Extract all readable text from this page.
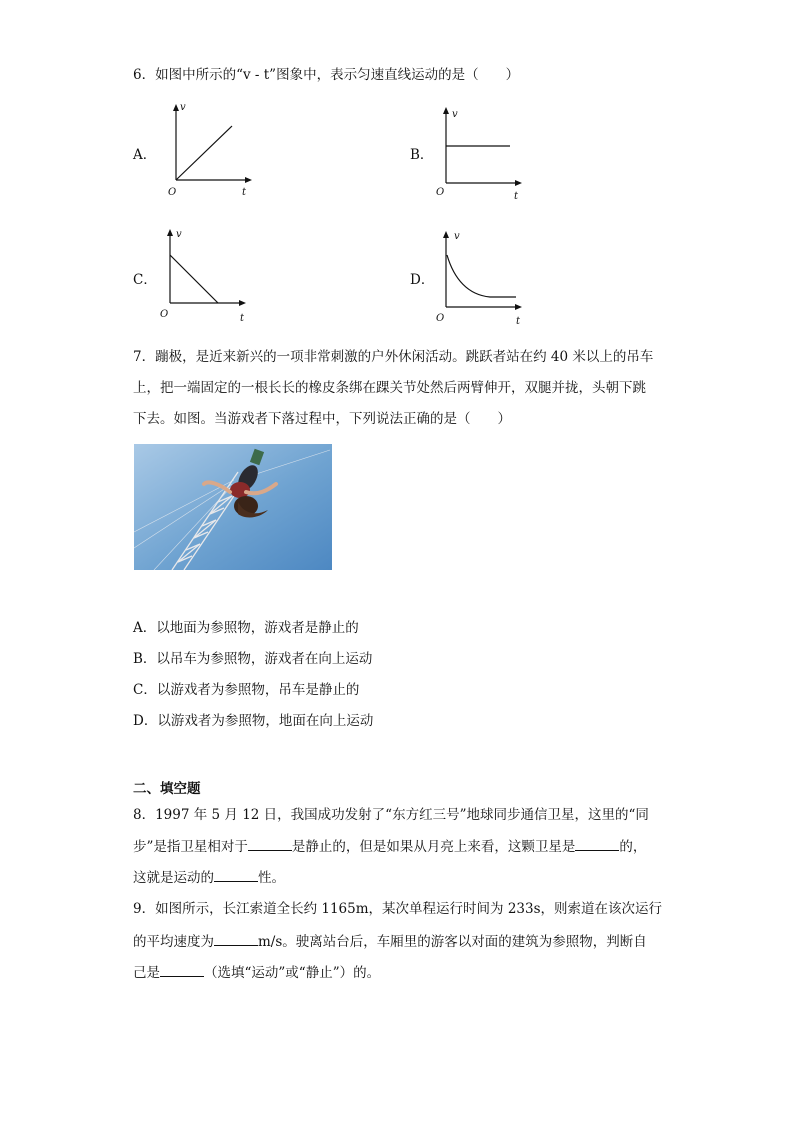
6．如图中所示的“v - t”图象中，表示匀速直线运动的是（　　）
A．
v
t
O
B．
v
t
O
C．
v
t
O
D．
v
t
O
7．蹦极，是近来新兴的一项非常刺激的户外休闲活动。跳跃者站在约 40 米以上的吊车
上，把一端固定的一根长长的橡皮条绑在踝关节处然后两臂伸开，双腿并拢，头朝下跳
下去。如图。当游戏者下落过程中，下列说法正确的是（　　）
A．以地面为参照物，游戏者是静止的
B．以吊车为参照物，游戏者在向上运动
C．以游戏者为参照物，吊车是静止的
D．以游戏者为参照物，地面在向上运动
二、填空题
8．1997 年 5 月 12 日，我国成功发射了“东方红三号”地球同步通信卫星，这里的“同
步”是指卫星相对于	是静止的，但是如果从月亮上来看，这颗卫星是	的，
这就是运动的	性。
9．如图所示，长江索道全长约 1165m，某次单程运行时间为 233s，则索道在该次运行
的平均速度为	m/s。驶离站台后，车厢里的游客以对面的建筑为参照物，判断自
己是	（选填“运动”或“静止”）的。
